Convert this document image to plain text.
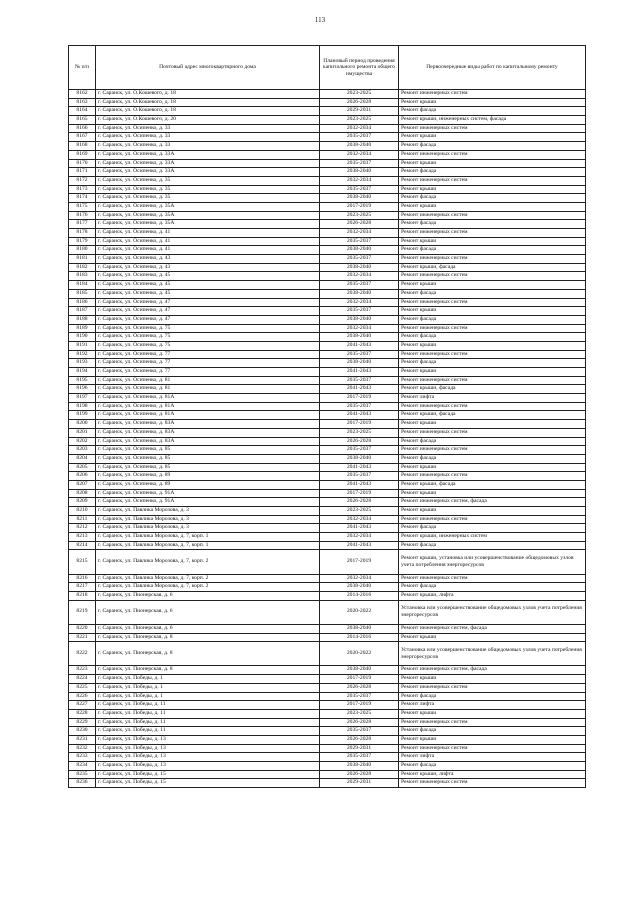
113
№ п/п	Почтовый адрес многоквартирного дома	Плановый период проведения капитального ремонта общего имущества	Первоочередные виды работ по капитальному ремонту
8162	г. Саранск, ул. О.Кошевого, д. 18	2023-2025	Ремонт инженерных систем
8163	г. Саранск, ул. О.Кошевого, д. 18	2026-2028	Ремонт крыши
8164	г. Саранск, ул. О.Кошевого, д. 18	2029-2031	Ремонт фасада
8165	г. Саранск, ул. О.Кошевого, д. 20	2023-2025	Ремонт крыши, инженерных систем, фасада
8166	г. Саранск, ул. Осипенко, д. 33	2032-2034	Ремонт инженерных систем
8167	г. Саранск, ул. Осипенко, д. 33	2035-2037	Ремонт крыши
8168	г. Саранск, ул. Осипенко, д. 33	2038-2040	Ремонт фасада
8169	г. Саранск, ул. Осипенко, д. 33А	2032-2034	Ремонт инженерных систем
8170	г. Саранск, ул. Осипенко, д. 33А	2035-2037	Ремонт крыши
8171	г. Саранск, ул. Осипенко, д. 33А	2038-2040	Ремонт фасада
8172	г. Саранск, ул. Осипенко, д. 35	2032-2034	Ремонт инженерных систем
8173	г. Саранск, ул. Осипенко, д. 35	2035-2037	Ремонт крыши
8174	г. Саранск, ул. Осипенко, д. 35	2038-2040	Ремонт фасада
8175	г. Саранск, ул. Осипенко, д. 35А	2017-2019	Ремонт крыши
8176	г. Саранск, ул. Осипенко, д. 35А	2023-2025	Ремонт инженерных систем
8177	г. Саранск, ул. Осипенко, д. 35А	2026-2028	Ремонт фасада
8178	г. Саранск, ул. Осипенко, д. 41	2032-2034	Ремонт инженерных систем
8179	г. Саранск, ул. Осипенко, д. 41	2035-2037	Ремонт крыши
8180	г. Саранск, ул. Осипенко, д. 41	2038-2040	Ремонт фасада
8181	г. Саранск, ул. Осипенко, д. 43	2035-2037	Ремонт инженерных систем
8182	г. Саранск, ул. Осипенко, д. 43	2038-2040	Ремонт крыши, фасада
8183	г. Саранск, ул. Осипенко, д. 45	2032-2034	Ремонт инженерных систем
8184	г. Саранск, ул. Осипенко, д. 45	2035-2037	Ремонт крыши
8185	г. Саранск, ул. Осипенко, д. 45	2038-2040	Ремонт фасада
8186	г. Саранск, ул. Осипенко, д. 47	2032-2034	Ремонт инженерных систем
8187	г. Саранск, ул. Осипенко, д. 47	2035-2037	Ремонт крыши
8188	г. Саранск, ул. Осипенко, д. 47	2038-2040	Ремонт фасада
8189	г. Саранск, ул. Осипенко, д. 75	2032-2034	Ремонт инженерных систем
8190	г. Саранск, ул. Осипенко, д. 75	2038-2040	Ремонт фасада
8191	г. Саранск, ул. Осипенко, д. 75	2041-2043	Ремонт крыши
8192	г. Саранск, ул. Осипенко, д. 77	2035-2037	Ремонт инженерных систем
8193	г. Саранск, ул. Осипенко, д. 77	2038-2040	Ремонт фасада
8194	г. Саранск, ул. Осипенко, д. 77	2041-2043	Ремонт крыши
8195	г. Саранск, ул. Осипенко, д. 81	2035-2037	Ремонт инженерных систем
8196	г. Саранск, ул. Осипенко, д. 81	2041-2043	Ремонт крыши, фасада
8197	г. Саранск, ул. Осипенко, д. 81А	2017-2019	Ремонт лифта
8198	г. Саранск, ул. Осипенко, д. 81А	2035-2037	Ремонт инженерных систем
8199	г. Саранск, ул. Осипенко, д. 81А	2041-2043	Ремонт крыши, фасада
8200	г. Саранск, ул. Осипенко, д. 83А	2017-2019	Ремонт крыши
8201	г. Саранск, ул. Осипенко, д. 83А	2023-2025	Ремонт инженерных систем
8202	г. Саранск, ул. Осипенко, д. 83А	2026-2028	Ремонт фасада
8203	г. Саранск, ул. Осипенко, д. 85	2035-2037	Ремонт инженерных систем
8204	г. Саранск, ул. Осипенко, д. 85	2038-2040	Ремонт фасада
8205	г. Саранск, ул. Осипенко, д. 85	2041-2043	Ремонт крыши
8206	г. Саранск, ул. Осипенко, д. 89	2035-2037	Ремонт инженерных систем
8207	г. Саранск, ул. Осипенко, д. 89	2041-2043	Ремонт крыши, фасада
8208	г. Саранск, ул. Осипенко, д. 91А	2017-2019	Ремонт крыши
8209	г. Саранск, ул. Осипенко, д. 91А	2026-2028	Ремонт инженерных систем, фасада
8210	г. Саранск, ул. Павлика Морозова, д. 3	2023-2025	Ремонт крыши
8211	г. Саранск, ул. Павлика Морозова, д. 3	2032-2034	Ремонт инженерных систем
8212	г. Саранск, ул. Павлика Морозова, д. 3	2041-2043	Ремонт фасада
8213	г. Саранск, ул. Павлика Морозова, д. 7, корп. 1	2032-2034	Ремонт крыши, инженерных систем
8214	г. Саранск, ул. Павлика Морозова, д. 7, корп. 1	2041-2043	Ремонт фасада
8215	г. Саранск, ул. Павлика Морозова, д. 7, корп. 2	2017-2019	Ремонт крыши, установка или усовершенствование общедомовых узлов учета потребления энергоресурсов
8216	г. Саранск, ул. Павлика Морозова, д. 7, корп. 2	2032-2034	Ремонт инженерных систем
8217	г. Саранск, ул. Павлика Морозова, д. 7, корп. 2	2038-2040	Ремонт фасада
8218	г. Саранск, ул. Пионерская, д. 6	2014-2016	Ремонт крыши, лифта
8219	г. Саранск, ул. Пионерская, д. 6	2020-2022	Установка или усовершенствование общедомовых узлов учета потребления энергоресурсов
8220	г. Саранск, ул. Пионерская, д. 6	2038-2040	Ремонт инженерных систем, фасада
8221	г. Саранск, ул. Пионерская, д. 8	2014-2016	Ремонт крыши
8222	г. Саранск, ул. Пионерская, д. 8	2020-2022	Установка или усовершенствование общедомовых узлов учета потребления энергоресурсов
8223	г. Саранск, ул. Пионерская, д. 8	2038-2040	Ремонт инженерных систем, фасада
8224	г. Саранск, ул. Победы, д. 1	2017-2019	Ремонт крыши
8225	г. Саранск, ул. Победы, д. 1	2026-2028	Ремонт инженерных систем
8226	г. Саранск, ул. Победы, д. 1	2035-2037	Ремонт фасада
8227	г. Саранск, ул. Победы, д. 11	2017-2019	Ремонт лифта
8228	г. Саранск, ул. Победы, д. 11	2023-2025	Ремонт крыши
8229	г. Саранск, ул. Победы, д. 11	2026-2028	Ремонт инженерных систем
8230	г. Саранск, ул. Победы, д. 11	2035-2037	Ремонт фасада
8231	г. Саранск, ул. Победы, д. 13	2026-2028	Ремонт крыши
8232	г. Саранск, ул. Победы, д. 13	2029-2031	Ремонт инженерных систем
8233	г. Саранск, ул. Победы, д. 13	2035-2037	Ремонт лифта
8234	г. Саранск, ул. Победы, д. 13	2038-2040	Ремонт фасада
8235	г. Саранск, ул. Победы, д. 15	2026-2028	Ремонт крыши, лифта
8236	г. Саранск, ул. Победы, д. 15	2029-2031	Ремонт инженерных систем
